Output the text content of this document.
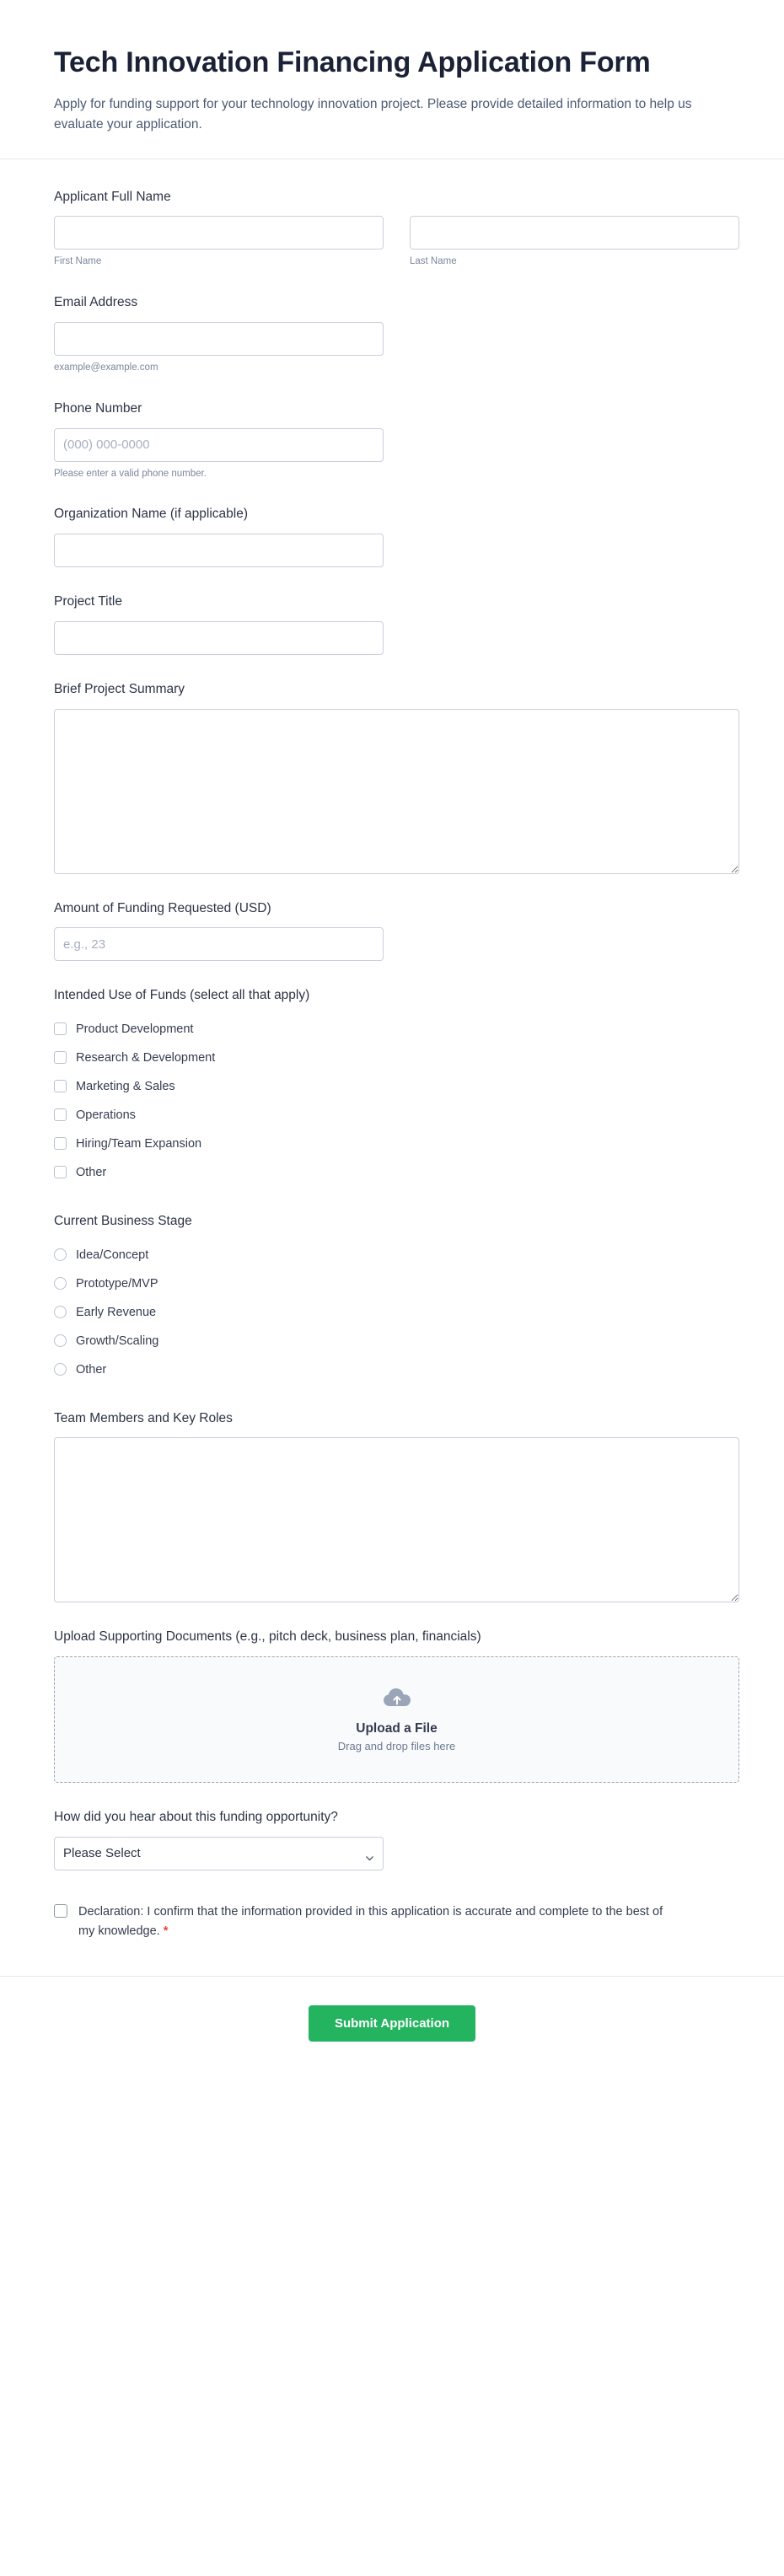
Tech Innovation Financing Application Form

Apply for funding support for your technology innovation project. Please provide detailed information to help us evaluate your application.

Applicant Full Name
First Name	Last Name
Email Address
example@example.com
Phone Number
(000) 000-0000
Please enter a valid phone number.
Organization Name (if applicable)
Project Title
Brief Project Summary
Amount of Funding Requested (USD)
e.g., 23
Intended Use of Funds (select all that apply)
Product Development
Research & Development
Marketing & Sales
Operations
Hiring/Team Expansion
Other
Current Business Stage
Idea/Concept
Prototype/MVP
Early Revenue
Growth/Scaling
Other
Team Members and Key Roles
Upload Supporting Documents (e.g., pitch deck, business plan, financials)
Upload a File
Drag and drop files here
How did you hear about this funding opportunity?
Please Select
Declaration: I confirm that the information provided in this application is accurate and complete to the best of my knowledge. *
Submit Application
